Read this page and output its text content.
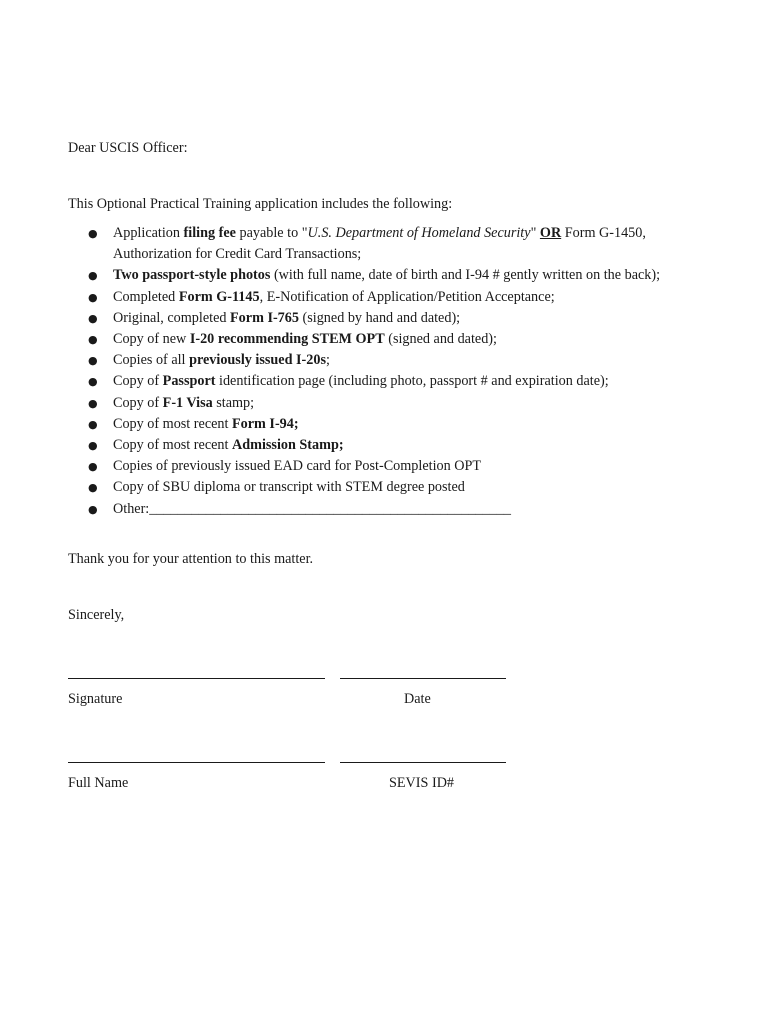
Dear USCIS Officer:

This Optional Practical Training application includes the following:

● Application filing fee payable to "U.S. Department of Homeland Security" OR Form G-1450,
Authorization for Credit Card Transactions;
● Two passport-style photos (with full name, date of birth and I-94 # gently written on the back);
● Completed Form G-1145, E-Notification of Application/Petition Acceptance;
● Original, completed Form I-765 (signed by hand and dated);
● Copy of new I-20 recommending STEM OPT (signed and dated);
● Copies of all previously issued I-20s;
● Copy of Passport identification page (including photo, passport # and expiration date);
● Copy of F-1 Visa stamp;
● Copy of most recent Form I-94;
● Copy of most recent Admission Stamp;
● Copies of previously issued EAD card for Post-Completion OPT
● Copy of SBU diploma or transcript with STEM degree posted
● Other:___________________________________________________

Thank you for your attention to this matter.

Sincerely,

Signature	Date

Full Name	SEVIS ID#
